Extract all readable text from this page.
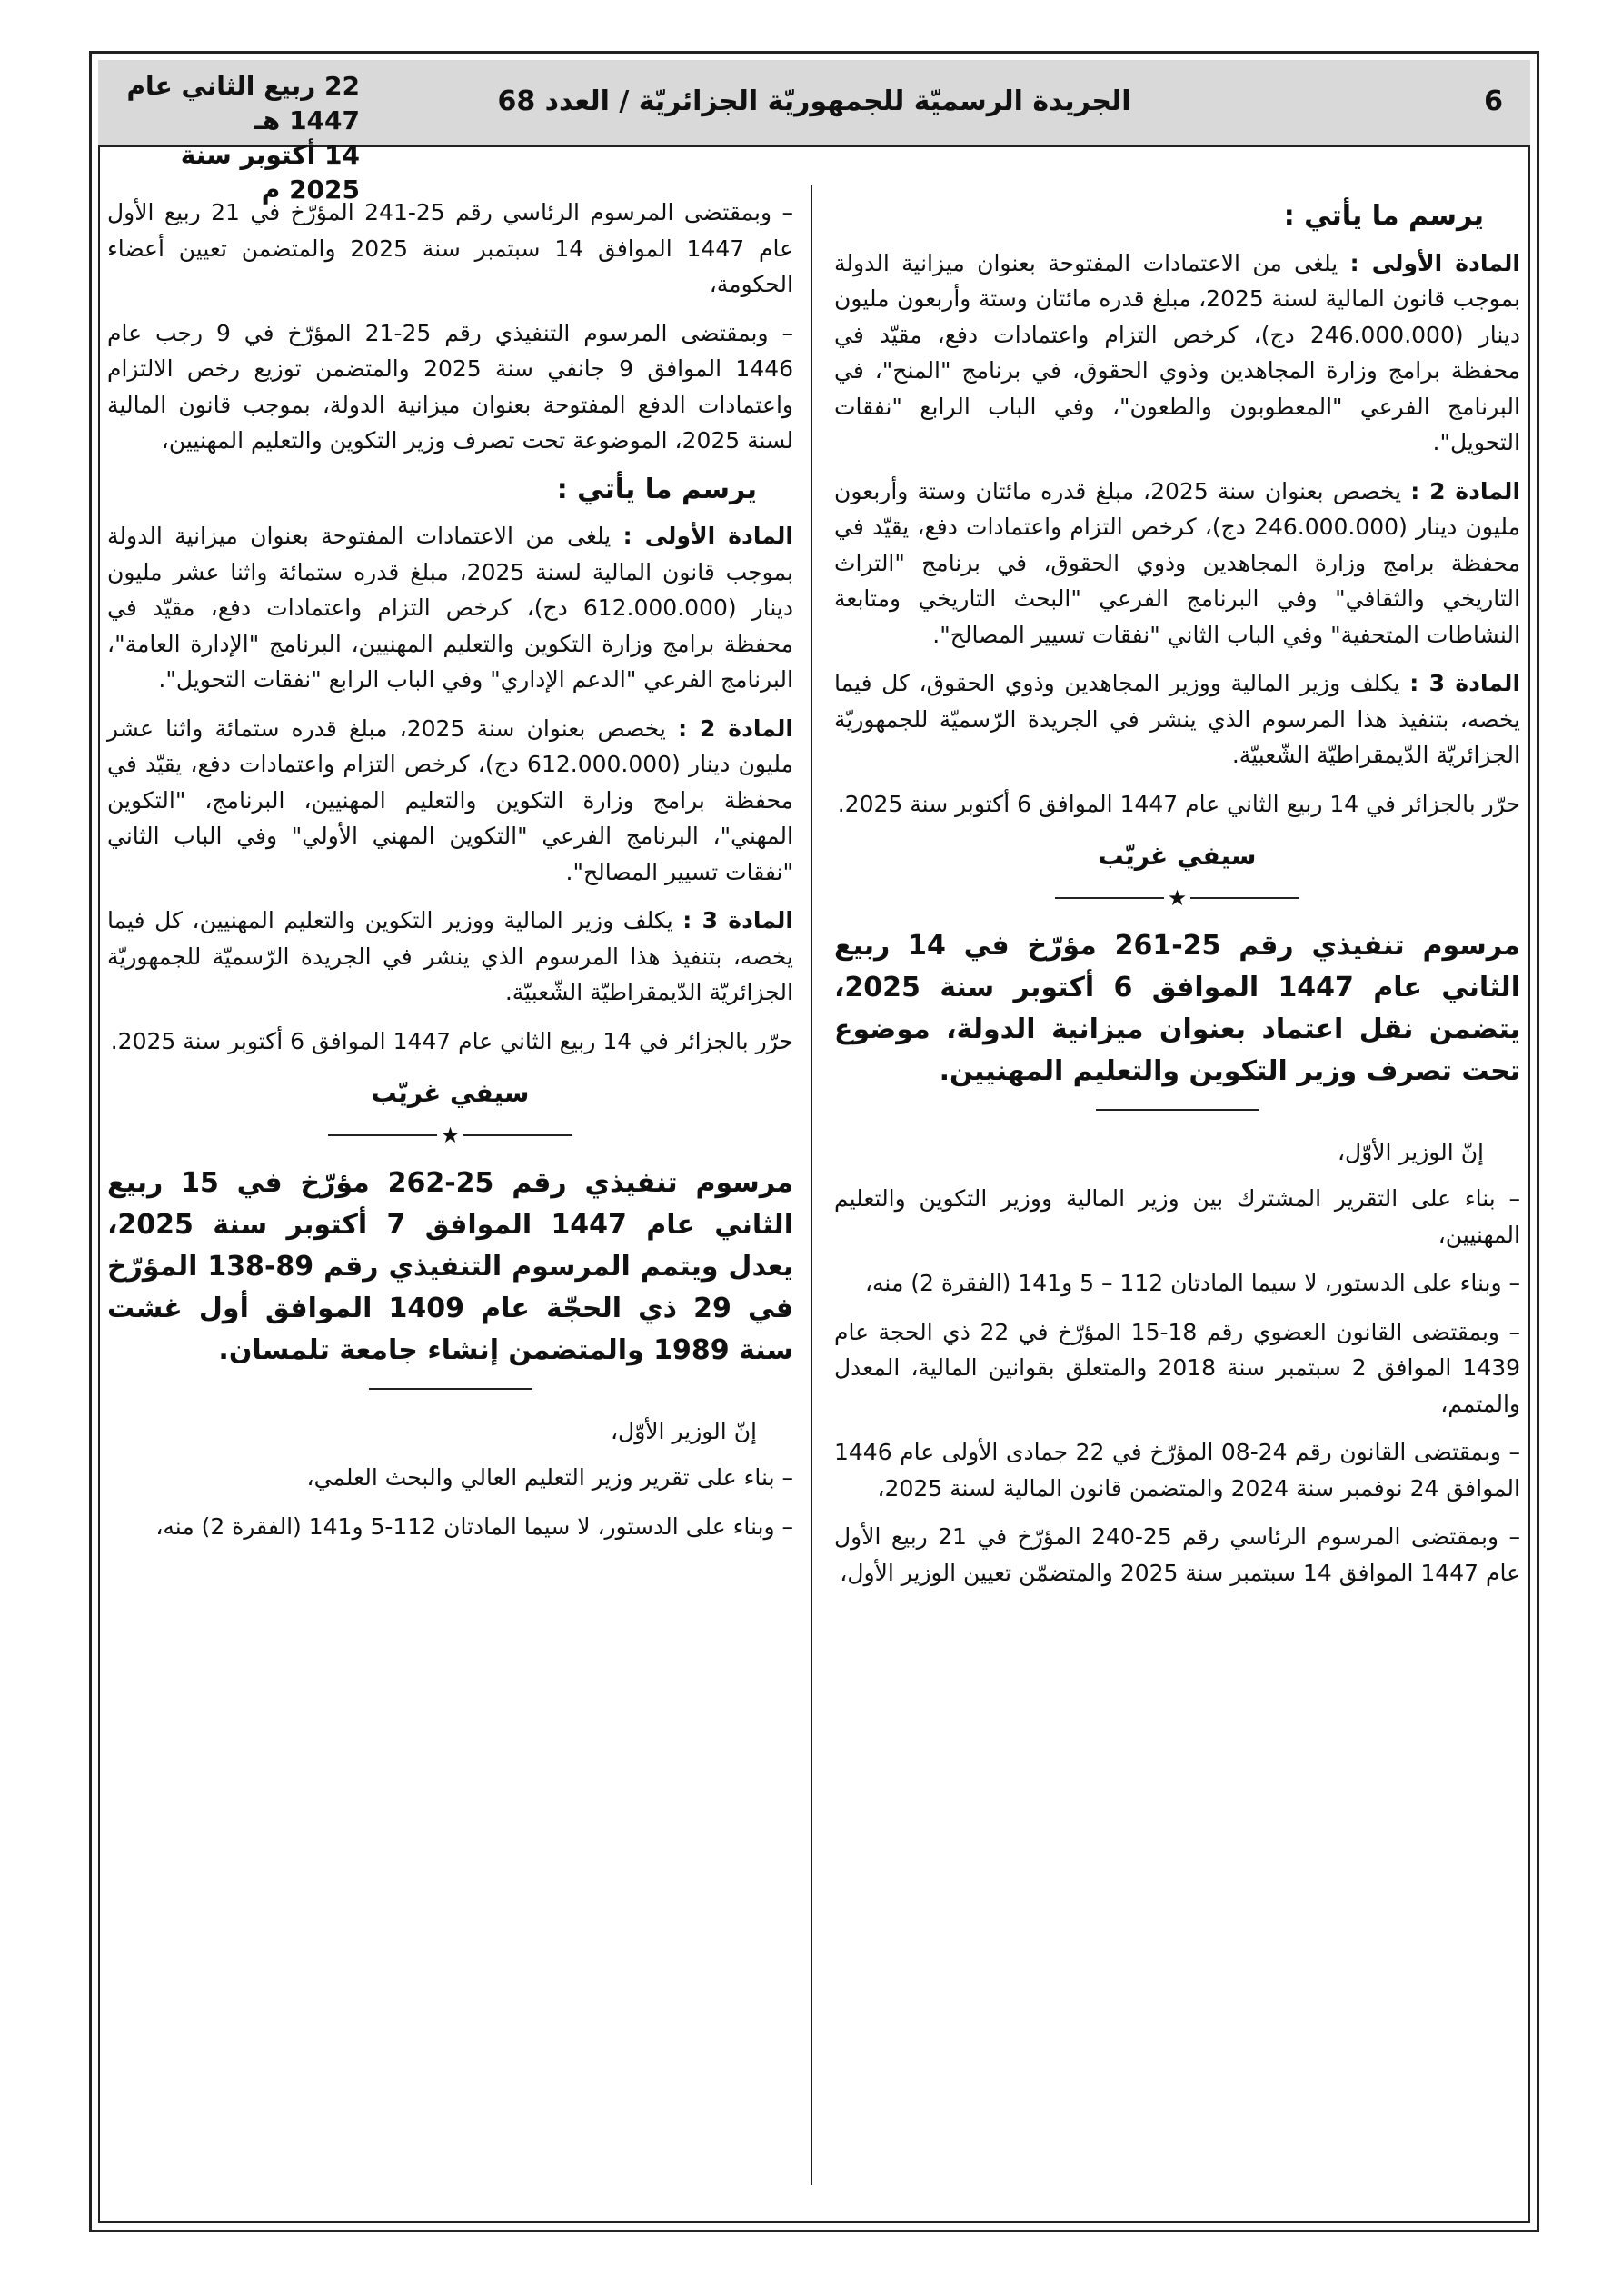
6
الجريدة الرسميّة للجمهوريّة الجزائريّة / العدد 68
22 ربيع الثاني عام 1447 هـ
14 أكتوبر سنة 2025 م
يرسم ما يأتي :
المادة الأولى : يلغى من الاعتمادات المفتوحة بعنوان ميزانية الدولة بموجب قانون المالية لسنة 2025، مبلغ قدره مائتان وستة وأربعون مليون دينار (246.000.000 دج)، كرخص التزام واعتمادات دفع، مقيّد في محفظة برامج وزارة المجاهدين وذوي الحقوق، في برنامج "المنح"، في البرنامج الفرعي "المعطوبون والطعون"، وفي الباب الرابع "نفقات التحويل".
المادة 2 : يخصص بعنوان سنة 2025، مبلغ قدره مائتان وستة وأربعون مليون دينار (246.000.000 دج)، كرخص التزام واعتمادات دفع، يقيّد في محفظة برامج وزارة المجاهدين وذوي الحقوق، في برنامج "التراث التاريخي والثقافي" وفي البرنامج الفرعي "البحث التاريخي ومتابعة النشاطات المتحفية" وفي الباب الثاني "نفقات تسيير المصالح".
المادة 3 : يكلف وزير المالية ووزير المجاهدين وذوي الحقوق، كل فيما يخصه، بتنفيذ هذا المرسوم الذي ينشر في الجريدة الرّسميّة للجمهوريّة الجزائريّة الدّيمقراطيّة الشّعبيّة.
حرّر بالجزائر في 14 ربيع الثاني عام 1447 الموافق 6 أكتوبر سنة 2025.
سيفي غريّب
★
مرسوم تنفيذي رقم 25-261 مؤرّخ في 14 ربيع الثاني عام 1447 الموافق 6 أكتوبر سنة 2025، يتضمن نقل اعتماد بعنوان ميزانية الدولة، موضوع تحت تصرف وزير التكوين والتعليم المهنيين.
إنّ الوزير الأوّل،
– بناء على التقرير المشترك بين وزير المالية ووزير التكوين والتعليم المهنيين،
– وبناء على الدستور، لا سيما المادتان 112 – 5 و141 (الفقرة 2) منه،
– وبمقتضى القانون العضوي رقم 18-15 المؤرّخ في 22 ذي الحجة عام 1439 الموافق 2 سبتمبر سنة 2018 والمتعلق بقوانين المالية، المعدل والمتمم،
– وبمقتضى القانون رقم 24-08 المؤرّخ في 22 جمادى الأولى عام 1446 الموافق 24 نوفمبر سنة 2024 والمتضمن قانون المالية لسنة 2025،
– وبمقتضى المرسوم الرئاسي رقم 25-240 المؤرّخ في 21 ربيع الأول عام 1447 الموافق 14 سبتمبر سنة 2025 والمتضمّن تعيين الوزير الأول،
– وبمقتضى المرسوم الرئاسي رقم 25-241 المؤرّخ في 21 ربيع الأول عام 1447 الموافق 14 سبتمبر سنة 2025 والمتضمن تعيين أعضاء الحكومة،
– وبمقتضى المرسوم التنفيذي رقم 25-21 المؤرّخ في 9 رجب عام 1446 الموافق 9 جانفي سنة 2025 والمتضمن توزيع رخص الالتزام واعتمادات الدفع المفتوحة بعنوان ميزانية الدولة، بموجب قانون المالية لسنة 2025، الموضوعة تحت تصرف وزير التكوين والتعليم المهنيين،
يرسم ما يأتي :
المادة الأولى : يلغى من الاعتمادات المفتوحة بعنوان ميزانية الدولة بموجب قانون المالية لسنة 2025، مبلغ قدره ستمائة واثنا عشر مليون دينار (612.000.000 دج)، كرخص التزام واعتمادات دفع، مقيّد في محفظة برامج وزارة التكوين والتعليم المهنيين، البرنامج "الإدارة العامة"، البرنامج الفرعي "الدعم الإداري" وفي الباب الرابع "نفقات التحويل".
المادة 2 : يخصص بعنوان سنة 2025، مبلغ قدره ستمائة واثنا عشر مليون دينار (612.000.000 دج)، كرخص التزام واعتمادات دفع، يقيّد في محفظة برامج وزارة التكوين والتعليم المهنيين، البرنامج، "التكوين المهني"، البرنامج الفرعي "التكوين المهني الأولي" وفي الباب الثاني "نفقات تسيير المصالح".
المادة 3 : يكلف وزير المالية ووزير التكوين والتعليم المهنيين، كل فيما يخصه، بتنفيذ هذا المرسوم الذي ينشر في الجريدة الرّسميّة للجمهوريّة الجزائريّة الدّيمقراطيّة الشّعبيّة.
حرّر بالجزائر في 14 ربيع الثاني عام 1447 الموافق 6 أكتوبر سنة 2025.
سيفي غريّب
★
مرسوم تنفيذي رقم 25-262 مؤرّخ في 15 ربيع الثاني عام 1447 الموافق 7 أكتوبر سنة 2025، يعدل ويتمم المرسوم التنفيذي رقم 89-138 المؤرّخ في 29 ذي الحجّة عام 1409 الموافق أول غشت سنة 1989 والمتضمن إنشاء جامعة تلمسان.
إنّ الوزير الأوّل،
– بناء على تقرير وزير التعليم العالي والبحث العلمي،
– وبناء على الدستور، لا سيما المادتان 112-5 و141 (الفقرة 2) منه،
